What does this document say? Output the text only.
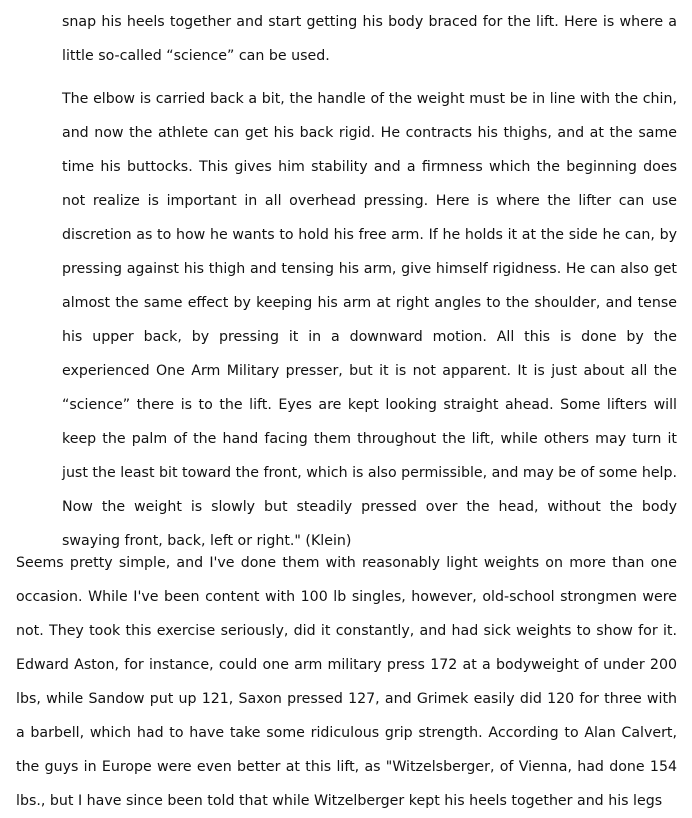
snap his heels together and start getting his body braced for the lift. Here is where a little so-called “science” can be used.

The elbow is carried back a bit, the handle of the weight must be in line with the chin, and now the athlete can get his back rigid. He contracts his thighs, and at the same time his buttocks. This gives him stability and a firmness which the beginning does not realize is important in all overhead pressing. Here is where the lifter can use discretion as to how he wants to hold his free arm. If he holds it at the side he can, by pressing against his thigh and tensing his arm, give himself rigidness. He can also get almost the same effect by keeping his arm at right angles to the shoulder, and tense his upper back, by pressing it in a downward motion. All this is done by the experienced One Arm Military presser, but it is not apparent. It is just about all the “science” there is to the lift. Eyes are kept looking straight ahead. Some lifters will keep the palm of the hand facing them throughout the lift, while others may turn it just the least bit toward the front, which is also permissible, and may be of some help. Now the weight is slowly but steadily pressed over the head, without the body swaying front, back, left or right." (Klein)

Seems pretty simple, and I've done them with reasonably light weights on more than one occasion. While I've been content with 100 lb singles, however, old-school strongmen were not. They took this exercise seriously, did it constantly, and had sick weights to show for it. Edward Aston, for instance, could one arm military press 172 at a bodyweight of under 200 lbs, while Sandow put up 121, Saxon pressed 127, and Grimek easily did 120 for three with a barbell, which had to have take some ridiculous grip strength. According to Alan Calvert, the guys in Europe were even better at this lift, as "Witzelsberger, of Vienna, had done 154 lbs., but I have since been told that while Witzelberger kept his heels together and his legs
